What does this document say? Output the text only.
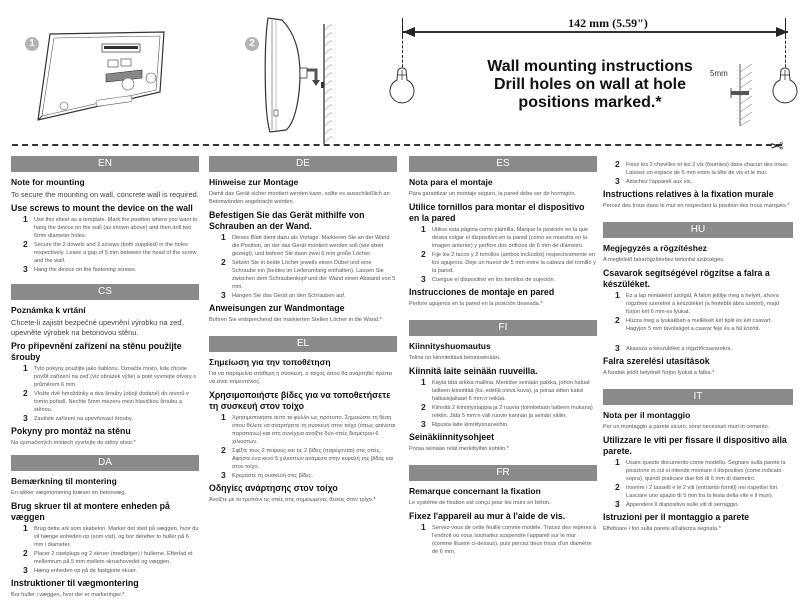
1	2
142 mm (5.59")
Wall mounting instructions
Drill holes on wall at hole
positions marked.*
5mm
✂
EN
Note for mounting
To secure the mounting on wall, concrete wall is required.
Use screws to mount the device on the wall
1 Use this sheet as a template. Mark the position where you want to hang the device on the wall (as shown above) and then drill two 6mm diameter holes.
2 Secure the 2 dowels and 2 screws (both supplied) in the holes respectively. Leave a gap of 5 mm between the head of the screw and the wall.
3 Hang the device on the fastening screws.
CS
Poznámka k vrtání
Chcete-li zajistit bezpečné upevnění výrobku na zeď, upevněte výrobek na betonovou stěnu.
Pro připevnění zařízení na stěnu použijte šrouby
1 Tyto pokyny použijte jako šablonu. Označte místo, kde chcete povšit zařízení na zeď (viz obrázek výše) a poté vyvrtejte otvory s průměrem 6 mm.
2 Vložte dvě hmoždinky a dva šrouby (obojí dodané) do otvorů v tomto pořadí. Nechte 5mm mezeru mezi hlavičkou šroubu a stěnou.
3 Zavěste zařízení na upevňovací šrouby.
Pokyny pro montáž na stěnu
Na vyznačených místech vyvrtejte do stěny otvor.*
DA
Bemærkning til montering
En sikker vægmontering kræver en betonvæg.
Brug skruer til at montere enheden på væggen
1 Brug dette ark som skabelon. Marker det sted på væggen, hvor du vil hænge enheden op (som vist), og bor derefter to huller på 6 mm i diameter.
2 Placer 2 rawlplugs og 2 skruer (medfølger) i hullerne. Efterlad et mellemrum på 5 mm mellem skruehovedet og væggen.
3 Hæng enheden op på de fastgjorte skuer.
Instruktioner til vægmontering
Bor huller i væggen, hvor der er markeringer.*
DE
Hinweise zur Montage
Damit das Gerät sicher montiert werden kann, sollte es ausschließlich an Betonwänden angebracht werden.
Befestigen Sie das Gerät mithilfe von Schrauben an der Wand.
1 Dieses Blatt dient dazu als Vorlage. Markieren Sie an der Wand die Position, an der das Gerät montiert werden soll (wie oben gezeigt), und bohren Sie dann zwei 6 mm große Löcher.
2 Setzen Sie in beide Löcher jeweils einen Dübel und eine Schraube ein (beides im Lieferumfang enthalten). Lassen Sie zwischen dem Schraubenkopf und der Wand einen Abstand von 5 mm.
3 Hängen Sie das Gerät an den Schrauben auf.
Anweisungen zur Wandmontage
Bohren Sie entsprechend der markierten Stellen Löcher in die Wand.*
EL
Σημείωση για την τοποθέτηση
Για να παραμείνει σταθερή η συσκευή, ο τοίχος όπου θα αναρτηθεί πρέπει να είναι τσιμεντένιος.
Χρησιμοποιήστε βίδες για να τοποθετήσετε τη συσκευή στον τοίχο
1 Χρησιμοποιήστε αυτό το φύλλο ως πρότυπο. Σημειώστε τη θέση όπου θέλετε να αναρτήσετε τη συσκευή στον τοίχο (όπως φαίνεται παραπάνω) και στη συνέχεια ανοίξτε δύο οπές διαμέτρου 6 χιλιοστών.
2 Σφίξτε τους 2 πείρους και τις 2 βίδες (παρέχονται) στις οπές. Αφήστε ένα κενό 5 χιλιοστών ανάμεσα στην κεφαλή της βίδας και στον τοίχο.
3 Κρεμάστε τη συσκευή στις βίδες.
Οδηγίες ανάρτησης στον τοίχο
Ανοίξτε με το τρυπάνι τις οπές στις σημειωμένες θέσεις στον τοίχο.*
ES
Nota para el montaje
Para garantizar un montaje seguro, la pared debe ser de hormigón.
Utilice tornillos para montar el dispositivo en la pared
1 Utilice esta página como plantilla. Marque la posición en la que desea colgar el dispositivo en la pared (como se muestra en la imagen anterior) y perfore dos orificios de 6 mm de diámetro.
2 Fije los 2 tacos y 2 tornillos (ambos incluidos) respectivamente en los agujeros. Deje un hueco de 5 mm entre la cabeza del tornillo y la pared.
3 Cuelgue el dispositivo en los tornillos de sujeción.
Instrucciones de montaje en pared
Perfore agujeros en la pared en la posición deseada.*
FI
Kiinnityshuomautus
Teline on kiinnitettävä betoniseinään.
Kiinnitä laite seinään ruuveilla.
1 Käytä tätä arkkia mallina. Merkitse seinään paikka, johon haluat laitteen kiinnittää (ks. edellä oleva kuva), ja poraa sitten kaksi halkaisijaltaan 6 mm:n reikää.
2 Kiinnitä 2 kiinnitystappia ja 2 ruuvia (toimitetaan laitteen mukana) reikiin. Jätä 5 mm:n väli ruuvin kannan ja seinän väliin.
3 Ripusta laite kiinnitysruuveihin.
Seinäkiinnitysohjeet
Poraa seinään reiät merkittyihin kohtiin.*
FR
Remarque concernant la fixation
Le système de fixation est conçu pour les murs en béton.
Fixez l'appareil au mur à l'aide de vis.
1 Servez-vous de cette feuille comme modèle. Tracez des repères à l'endroit où vous souhaitez suspendre l'appareil sur le mur (comme illustré ci-dessus), puis percez deux trous d'un diamètre de 6 mm.
2 Fixez les 2 chevilles et les 2 vis (fournies) dans chacun des trous. Laissez un espace de 5 mm entre la tête de vis et le mur.
3 Attachez l'appareil aux vis.
Instructions relatives à la fixation murale
Percez des trous dans le mur en respectant la position des trous marqués.*
HU
Megjegyzés a rögzítéshez
A megfelelő falrarögzítéshez betonfal szükséges.
Csavarok segítségével rögzítse a falra a készüléket.
1 Ez a lap mintaként szolgál. A falon jelölje meg a helyet, ahova rögzíteni szeretné a készüléket (a fentebbi ábra szerint), majd fúrjon két 6 mm-es lyukat.
2 Húzza meg a lyukakban a mellékelt két tiplit és két csavart. Hagyjon 5 mm távolságot a csavar feje és a fal között.
3 Akassza a készüléket a rögzítőcsavarokra.
Falra szerelési utasítások
A furatok jelölt helyénél fúrjon lyukat a falba.*
IT
Nota per il montaggio
Per un montaggio a parete sicuro, sono necessari muri in cemento.
Utilizzare le viti per fissare il dispositivo alla parete.
1 Usare questo documento come modello. Segnare sulla parete la posizione in cui si intende montare il dispositivo (come indicato sopra), quindi praticare due fori di 6 mm di diametro.
2 Inserire i 2 tasselli e le 2 viti (entrambi forniti) nei rispettivi fori. Lasciare uno spazio di 5 mm tra la testa della vite e il muro.
3 Appendere il dispositivo sulle viti di serraggio.
Istruzioni per il montaggio a parete
Effettuare i fori sulla parete all'altezza segnata.*
